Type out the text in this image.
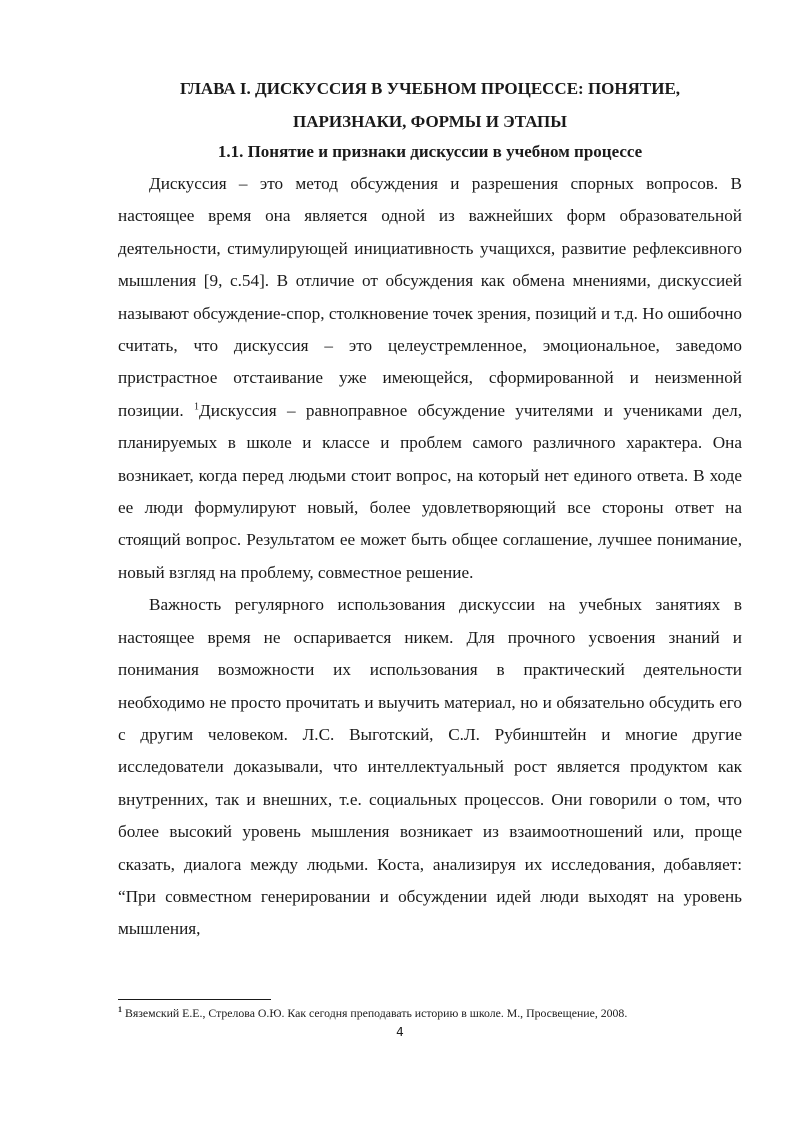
ГЛАВА I. ДИСКУССИЯ В УЧЕБНОМ ПРОЦЕССЕ: ПОНЯТИЕ,
ПАРИЗНАКИ, ФОРМЫ И ЭТАПЫ
1.1. Понятие и признаки дискуссии в учебном процессе

Дискуссия – это метод обсуждения и разрешения спорных вопросов. В настоящее время она является одной из важнейших форм образовательной деятельности, стимулирующей инициативность учащихся, развитие рефлексивного мышления [9, с.54]. В отличие от обсуждения как обмена мнениями, дискуссией называют обсуждение-спор, столкновение точек зрения, позиций и т.д. Но ошибочно считать, что дискуссия – это целеустремленное, эмоциональное, заведомо пристрастное отстаивание уже имеющейся, сформированной и неизменной позиции. $^1$Дискуссия – равноправное обсуждение учителями и учениками дел, планируемых в школе и классе и проблем самого различного характера. Она возникает, когда перед людьми стоит вопрос, на который нет единого ответа. В ходе ее люди формулируют новый, более удовлетворяющий все стороны ответ на стоящий вопрос. Результатом ее может быть общее соглашение, лучшее понимание, новый взгляд на проблему, совместное решение.

Важность регулярного использования дискуссии на учебных занятиях в настоящее время не оспаривается никем. Для прочного усвоения знаний и понимания возможности их использования в практический деятельности необходимо не просто прочитать и выучить материал, но и обязательно обсудить его с другим человеком. Л.С. Выготский, С.Л. Рубинштейн и многие другие исследователи доказывали, что интеллектуальный рост является продуктом как внутренних, так и внешних, т.е. социальных процессов. Они говорили о том, что более высокий уровень мышления возникает из взаимоотношений или, проще сказать, диалога между людьми. Коста, анализируя их исследования, добавляет: “При совместном генерировании и обсуждении идей люди выходят на уровень мышления,

$^1$ Вяземский Е.Е., Стрелова О.Ю. Как сегодня преподавать историю в школе. М., Просвещение, 2008.

4
